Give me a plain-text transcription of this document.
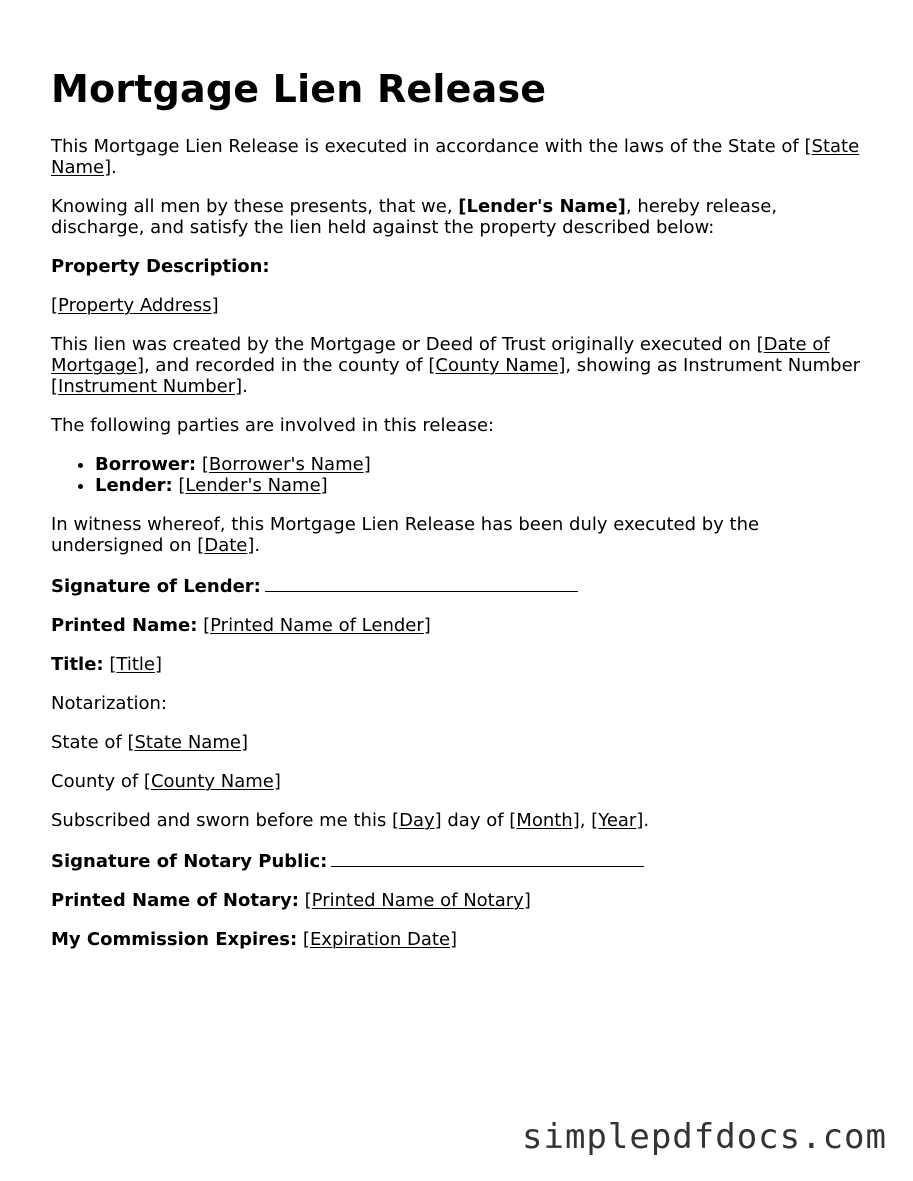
Mortgage Lien Release

This Mortgage Lien Release is executed in accordance with the laws of the State of [State Name].

Knowing all men by these presents, that we, [Lender's Name], hereby release, discharge, and satisfy the lien held against the property described below:

Property Description:

[Property Address]

This lien was created by the Mortgage or Deed of Trust originally executed on [Date of Mortgage], and recorded in the county of [County Name], showing as Instrument Number [Instrument Number].

The following parties are involved in this release:

• Borrower: [Borrower's Name]
• Lender: [Lender's Name]

In witness whereof, this Mortgage Lien Release has been duly executed by the undersigned on [Date].

Signature of Lender:

Printed Name: [Printed Name of Lender]

Title: [Title]

Notarization:

State of [State Name]

County of [County Name]

Subscribed and sworn before me this [Day] day of [Month], [Year].

Signature of Notary Public:

Printed Name of Notary: [Printed Name of Notary]

My Commission Expires: [Expiration Date]

simplepdfdocs.com
